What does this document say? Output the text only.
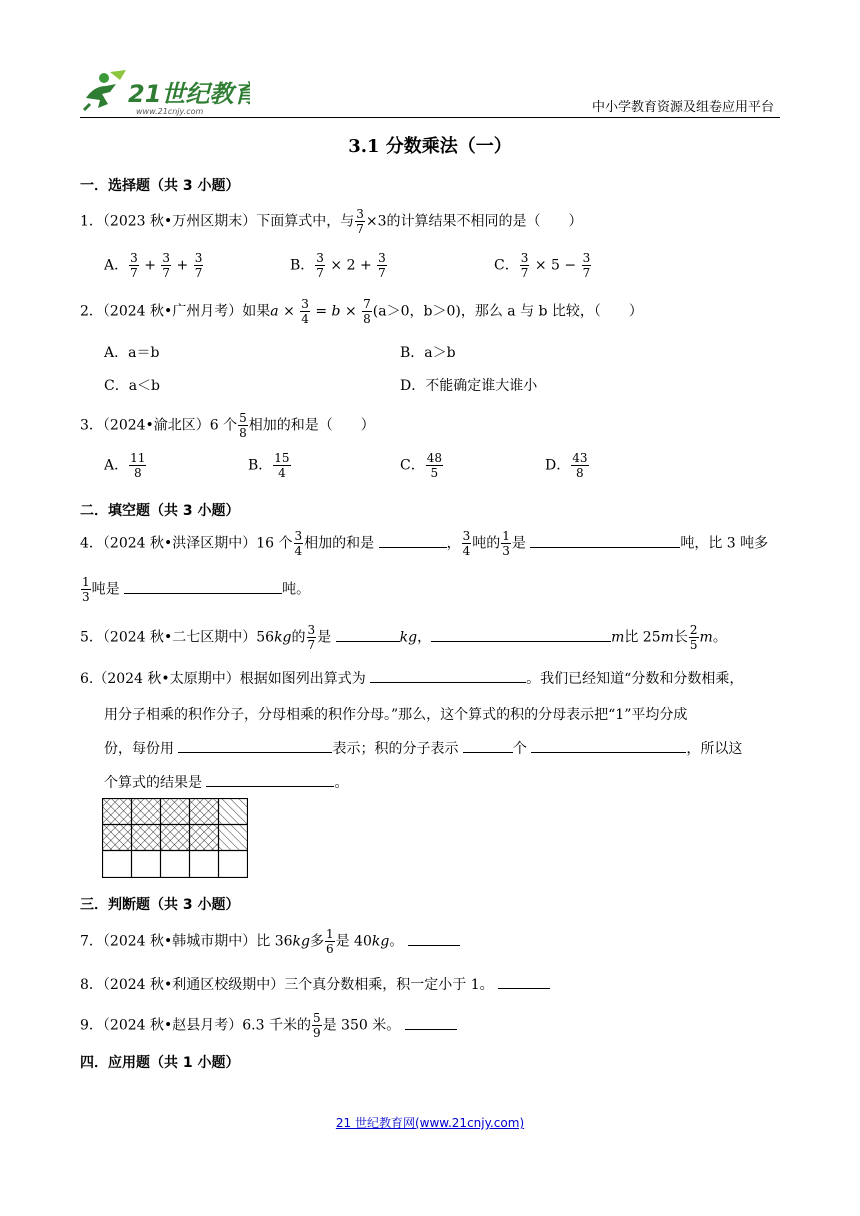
21世纪教育
www.21cnjy.com	中小学教育资源及组卷应用平台
3.1 分数乘法（一）
一．选择题（共 3 小题）
1．（2023 秋•万州区期末）下面算式中，与 $\frac{3}{7} \times 3$的计算结果不相同的是（　　）
A． $\frac{3}{7} + \frac{3}{7} + \frac{3}{7}$	B． $\frac{3}{7} \times 2 + \frac{3}{7}$	C． $\frac{3}{7} \times 5 - \frac{3}{7}$
2．（2024 秋•广州月考）如果$a \times \frac{3}{4} = b \times \frac{7}{8} (a>0$，b＞0)，那么 a 与 b 比较，（　　）
A．a＝b	B．a＞b
C．a＜b	D．不能确定谁大谁小
3．（2024•渝北区）6 个 $\frac{5}{8}$ 相加的和是（　　）
A． $\frac{11}{8}$	B． $\frac{15}{4}$	C． $\frac{48}{5}$	D． $\frac{43}{8}$
二．填空题（共 3 小题）
4．（2024 秋•洪泽区期中）16 个 $\frac{3}{4}$ 相加的和是	， $\frac{3}{4}$ 吨的 $\frac{1}{3}$ 是	吨，比 3 吨多
$\frac{1}{3}$ 吨是	吨。
5．（2024 秋•二七区期中）56kg的 $\frac{3}{7}$ 是	kg，	m比 25m长 $\frac{2}{5}$ m。
6.（2024 秋•太原期中）根据如图列出算式为	。我们已经知道“分数和分数相乘，
用分子相乘的积作分子，分母相乘的积作分母。”那么，这个算式的积的分母表示把“1”平均分成
份，每份用	表示；积的分子表示	个	，所以这
个算式的结果是	。
三．判断题（共 3 小题）
7．（2024 秋•韩城市期中）比 36kg多 $\frac{1}{6}$ 是 40kg。
8．（2024 秋•利通区校级期中）三个真分数相乘，积一定小于 1。
9．（2024 秋•赵县月考）6.3 千米的 $\frac{5}{9}$ 是 350 米。
四．应用题（共 1 小题）
21 世纪教育网(www.21cnjy.com)
